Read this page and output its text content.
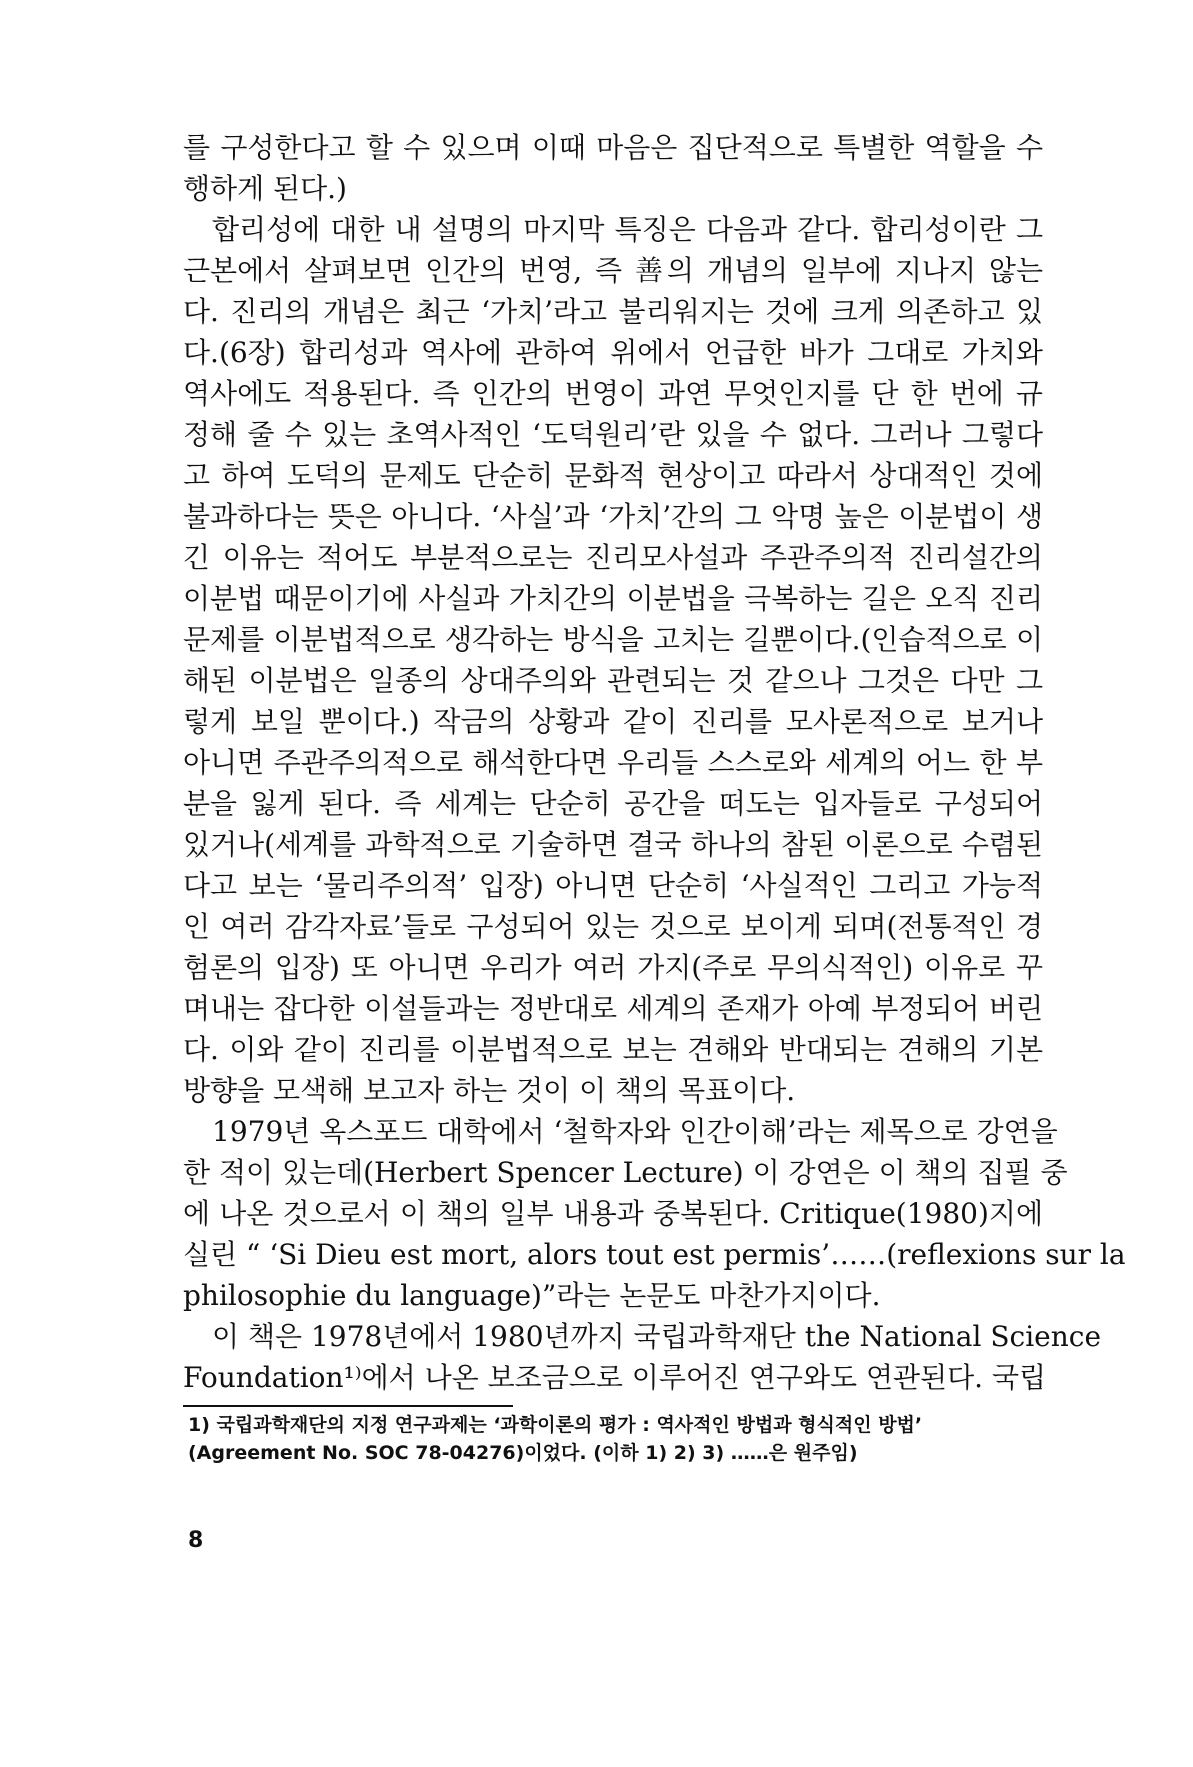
를 구성한다고 할 수 있으며 이때 마음은 집단적으로 특별한 역할을 수
행하게 된다.)
합리성에 대한 내 설명의 마지막 특징은 다음과 같다. 합리성이란 그
근본에서 살펴보면 인간의 번영, 즉 善의 개념의 일부에 지나지 않는
다. 진리의 개념은 최근 ‘가치’라고 불리워지는 것에 크게 의존하고 있
다.(6장) 합리성과 역사에 관하여 위에서 언급한 바가 그대로 가치와
역사에도 적용된다. 즉 인간의 번영이 과연 무엇인지를 단 한 번에 규
정해 줄 수 있는 초역사적인 ‘도덕원리’란 있을 수 없다. 그러나 그렇다
고 하여 도덕의 문제도 단순히 문화적 현상이고 따라서 상대적인 것에
불과하다는 뜻은 아니다. ‘사실’과 ‘가치’간의 그 악명 높은 이분법이 생
긴 이유는 적어도 부분적으로는 진리모사설과 주관주의적 진리설간의
이분법 때문이기에 사실과 가치간의 이분법을 극복하는 길은 오직 진리
문제를 이분법적으로 생각하는 방식을 고치는 길뿐이다.(인습적으로 이
해된 이분법은 일종의 상대주의와 관련되는 것 같으나 그것은 다만 그
렇게 보일 뿐이다.) 작금의 상황과 같이 진리를 모사론적으로 보거나
아니면 주관주의적으로 해석한다면 우리들 스스로와 세계의 어느 한 부
분을 잃게 된다. 즉 세계는 단순히 공간을 떠도는 입자들로 구성되어
있거나(세계를 과학적으로 기술하면 결국 하나의 참된 이론으로 수렴된
다고 보는 ‘물리주의적’ 입장) 아니면 단순히 ‘사실적인 그리고 가능적
인 여러 감각자료’들로 구성되어 있는 것으로 보이게 되며(전통적인 경
험론의 입장) 또 아니면 우리가 여러 가지(주로 무의식적인) 이유로 꾸
며내는 잡다한 이설들과는 정반대로 세계의 존재가 아예 부정되어 버린
다. 이와 같이 진리를 이분법적으로 보는 견해와 반대되는 견해의 기본
방향을 모색해 보고자 하는 것이 이 책의 목표이다.
1979년 옥스포드 대학에서 ‘철학자와 인간이해’라는 제목으로 강연을
한 적이 있는데(Herbert Spencer Lecture) 이 강연은 이 책의 집필 중
에 나온 것으로서 이 책의 일부 내용과 중복된다. Critique(1980)지에
실린 “ ‘Si Dieu est mort, alors tout est permis’……(reflexions sur la
philosophie du language)”라는 논문도 마찬가지이다.
이 책은 1978년에서 1980년까지 국립과학재단 the National Science
Foundation¹⁾에서 나온 보조금으로 이루어진 연구와도 연관된다. 국립
1) 국립과학재단의 지정 연구과제는 ‘과학이론의 평가 : 역사적인 방법과 형식적인 방법’
(Agreement No. SOC 78-04276)이었다. (이하 1) 2) 3) ……은 원주임)
8
